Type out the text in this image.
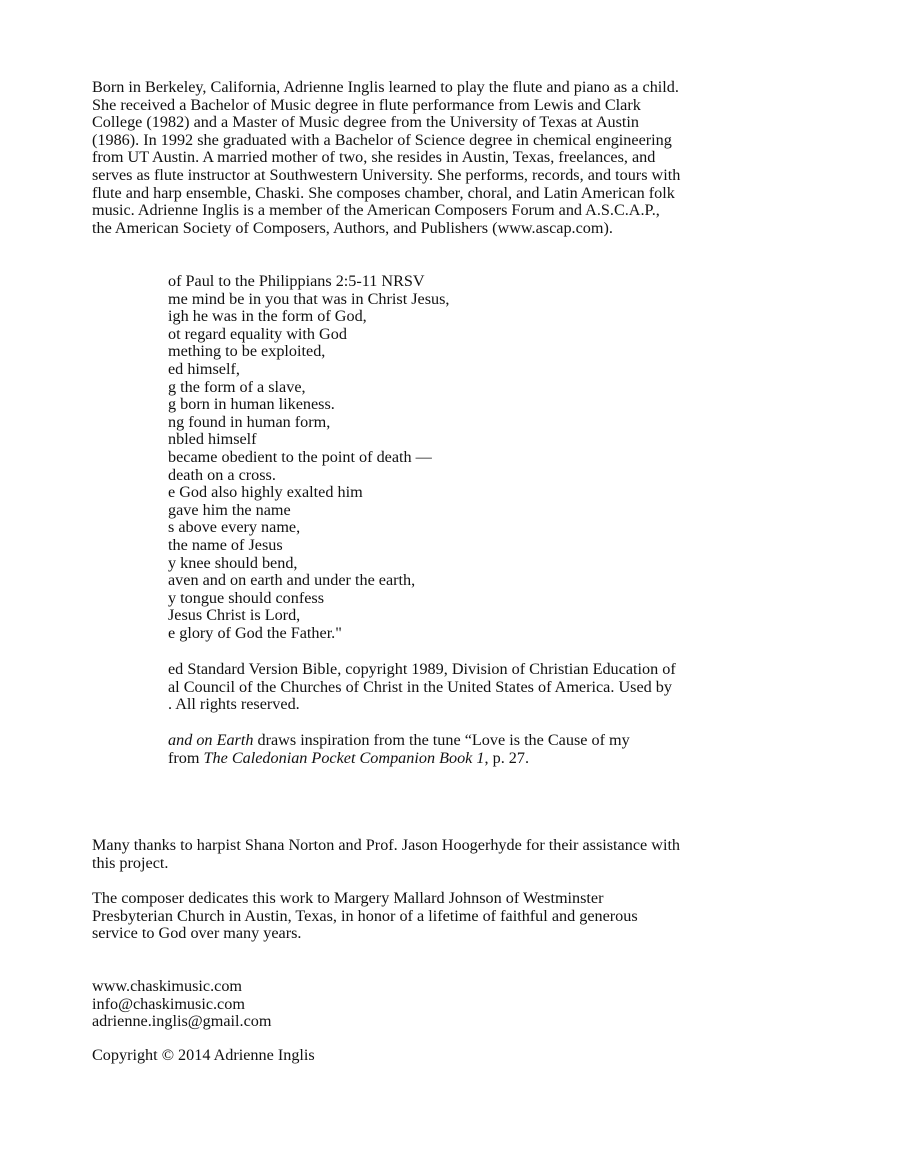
Born in Berkeley, California, Adrienne Inglis learned to play the flute and piano as a child.
She received a Bachelor of Music degree in flute performance from Lewis and Clark
College (1982) and a Master of Music degree from the University of Texas at Austin
(1986). In 1992 she graduated with a Bachelor of Science degree in chemical engineering
from UT Austin. A married mother of two, she resides in Austin, Texas, freelances, and
serves as flute instructor at Southwestern University. She performs, records, and tours with
flute and harp ensemble, Chaski. She composes chamber, choral, and Latin American folk
music. Adrienne Inglis is a member of the American Composers Forum and A.S.C.A.P.,
the American Society of Composers, Authors, and Publishers (www.ascap.com).
of Paul to the Philippians 2:5-11 NRSV
me mind be in you that was in Christ Jesus,
igh he was in the form of God,
ot regard equality with God
mething to be exploited,
ed himself,
g the form of a slave,
g born in human likeness.
ng found in human form,
nbled himself
became obedient to the point of death —
death on a cross.
e God also highly exalted him
gave him the name
s above every name,
the name of Jesus
y knee should bend,
aven and on earth and under the earth,
y tongue should confess
Jesus Christ is Lord,
e glory of God the Father."
ed Standard Version Bible, copyright 1989, Division of Christian Education of
al Council of the Churches of Christ in the United States of America. Used by
. All rights reserved.
and on Earth draws inspiration from the tune “Love is the Cause of my
from The Caledonian Pocket Companion Book 1, p. 27.
Many thanks to harpist Shana Norton and Prof. Jason Hoogerhyde for their assistance with
this project.
The composer dedicates this work to Margery Mallard Johnson of Westminster
Presbyterian Church in Austin, Texas, in honor of a lifetime of faithful and generous
service to God over many years.
www.chaskimusic.com
info@chaskimusic.com
adrienne.inglis@gmail.com
Copyright © 2014 Adrienne Inglis
